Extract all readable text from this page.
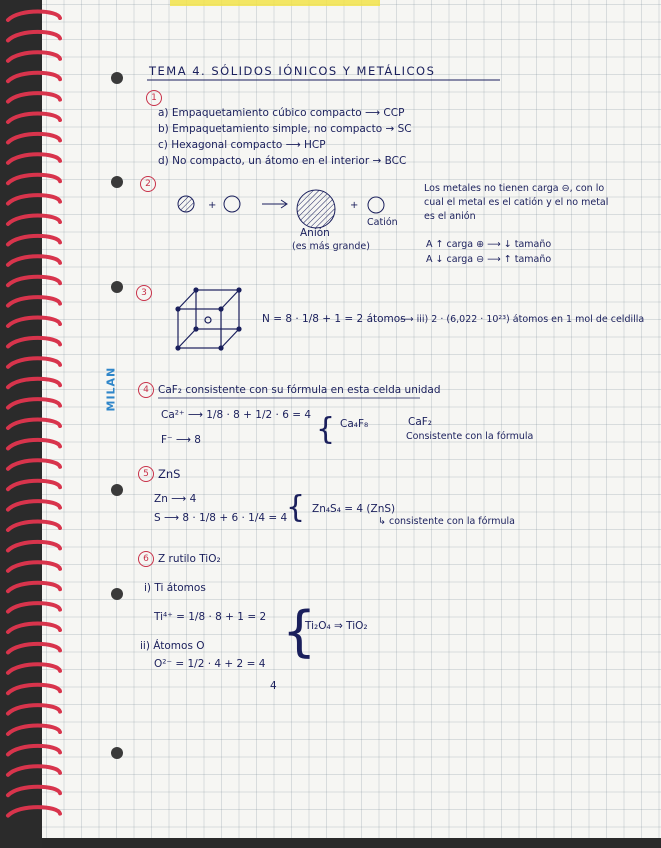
TEMA 4. SÓLIDOS IÓNICOS Y METÁLICOS
1
a) Empaquetamiento cúbico compacto ⟶ CCP
b) Empaquetamiento simple, no compacto → SC
c) Hexagonal compacto ⟶ HCP
d) No compacto, un átomo en el interior → BCC
2
+	+
Anión
(es más grande)
Catión
Los metales no tienen carga ⊖, con lo
cual el metal es el catión y el no metal
es el anión
A ↑ carga ⊕ ⟶ ↓ tamaño
A ↓ carga ⊖ ⟶ ↑ tamaño
3
N = 8 · 1/8 + 1 = 2 átomos
⟶ iii) 2 · (6,022 · 10²³) átomos en 1 mol de celdilla
4 CaF₂ consistente con su fórmula en esta celda unidad
Ca²⁺ ⟶ 1/8 · 8 + 1/2 · 6 = 4
F⁻ ⟶ 8	{ Ca₄F₈	CaF₂
Consistente con la fórmula
5 ZnS
Zn ⟶ 4
S ⟶ 8 · 1/8 + 6 · 1/4 = 4
{ Zn₄S₄ = 4 (ZnS)
↳ consistente con la fórmula
6 Z rutilo TiO₂
i) Ti átomos
Ti⁴⁺ = 1/8 · 8 + 1 = 2
ii) Átomos O
O²⁻ = 1/2 · 4 + 2 = 4
{
Ti₂O₄ ⇒ TiO₂
4
